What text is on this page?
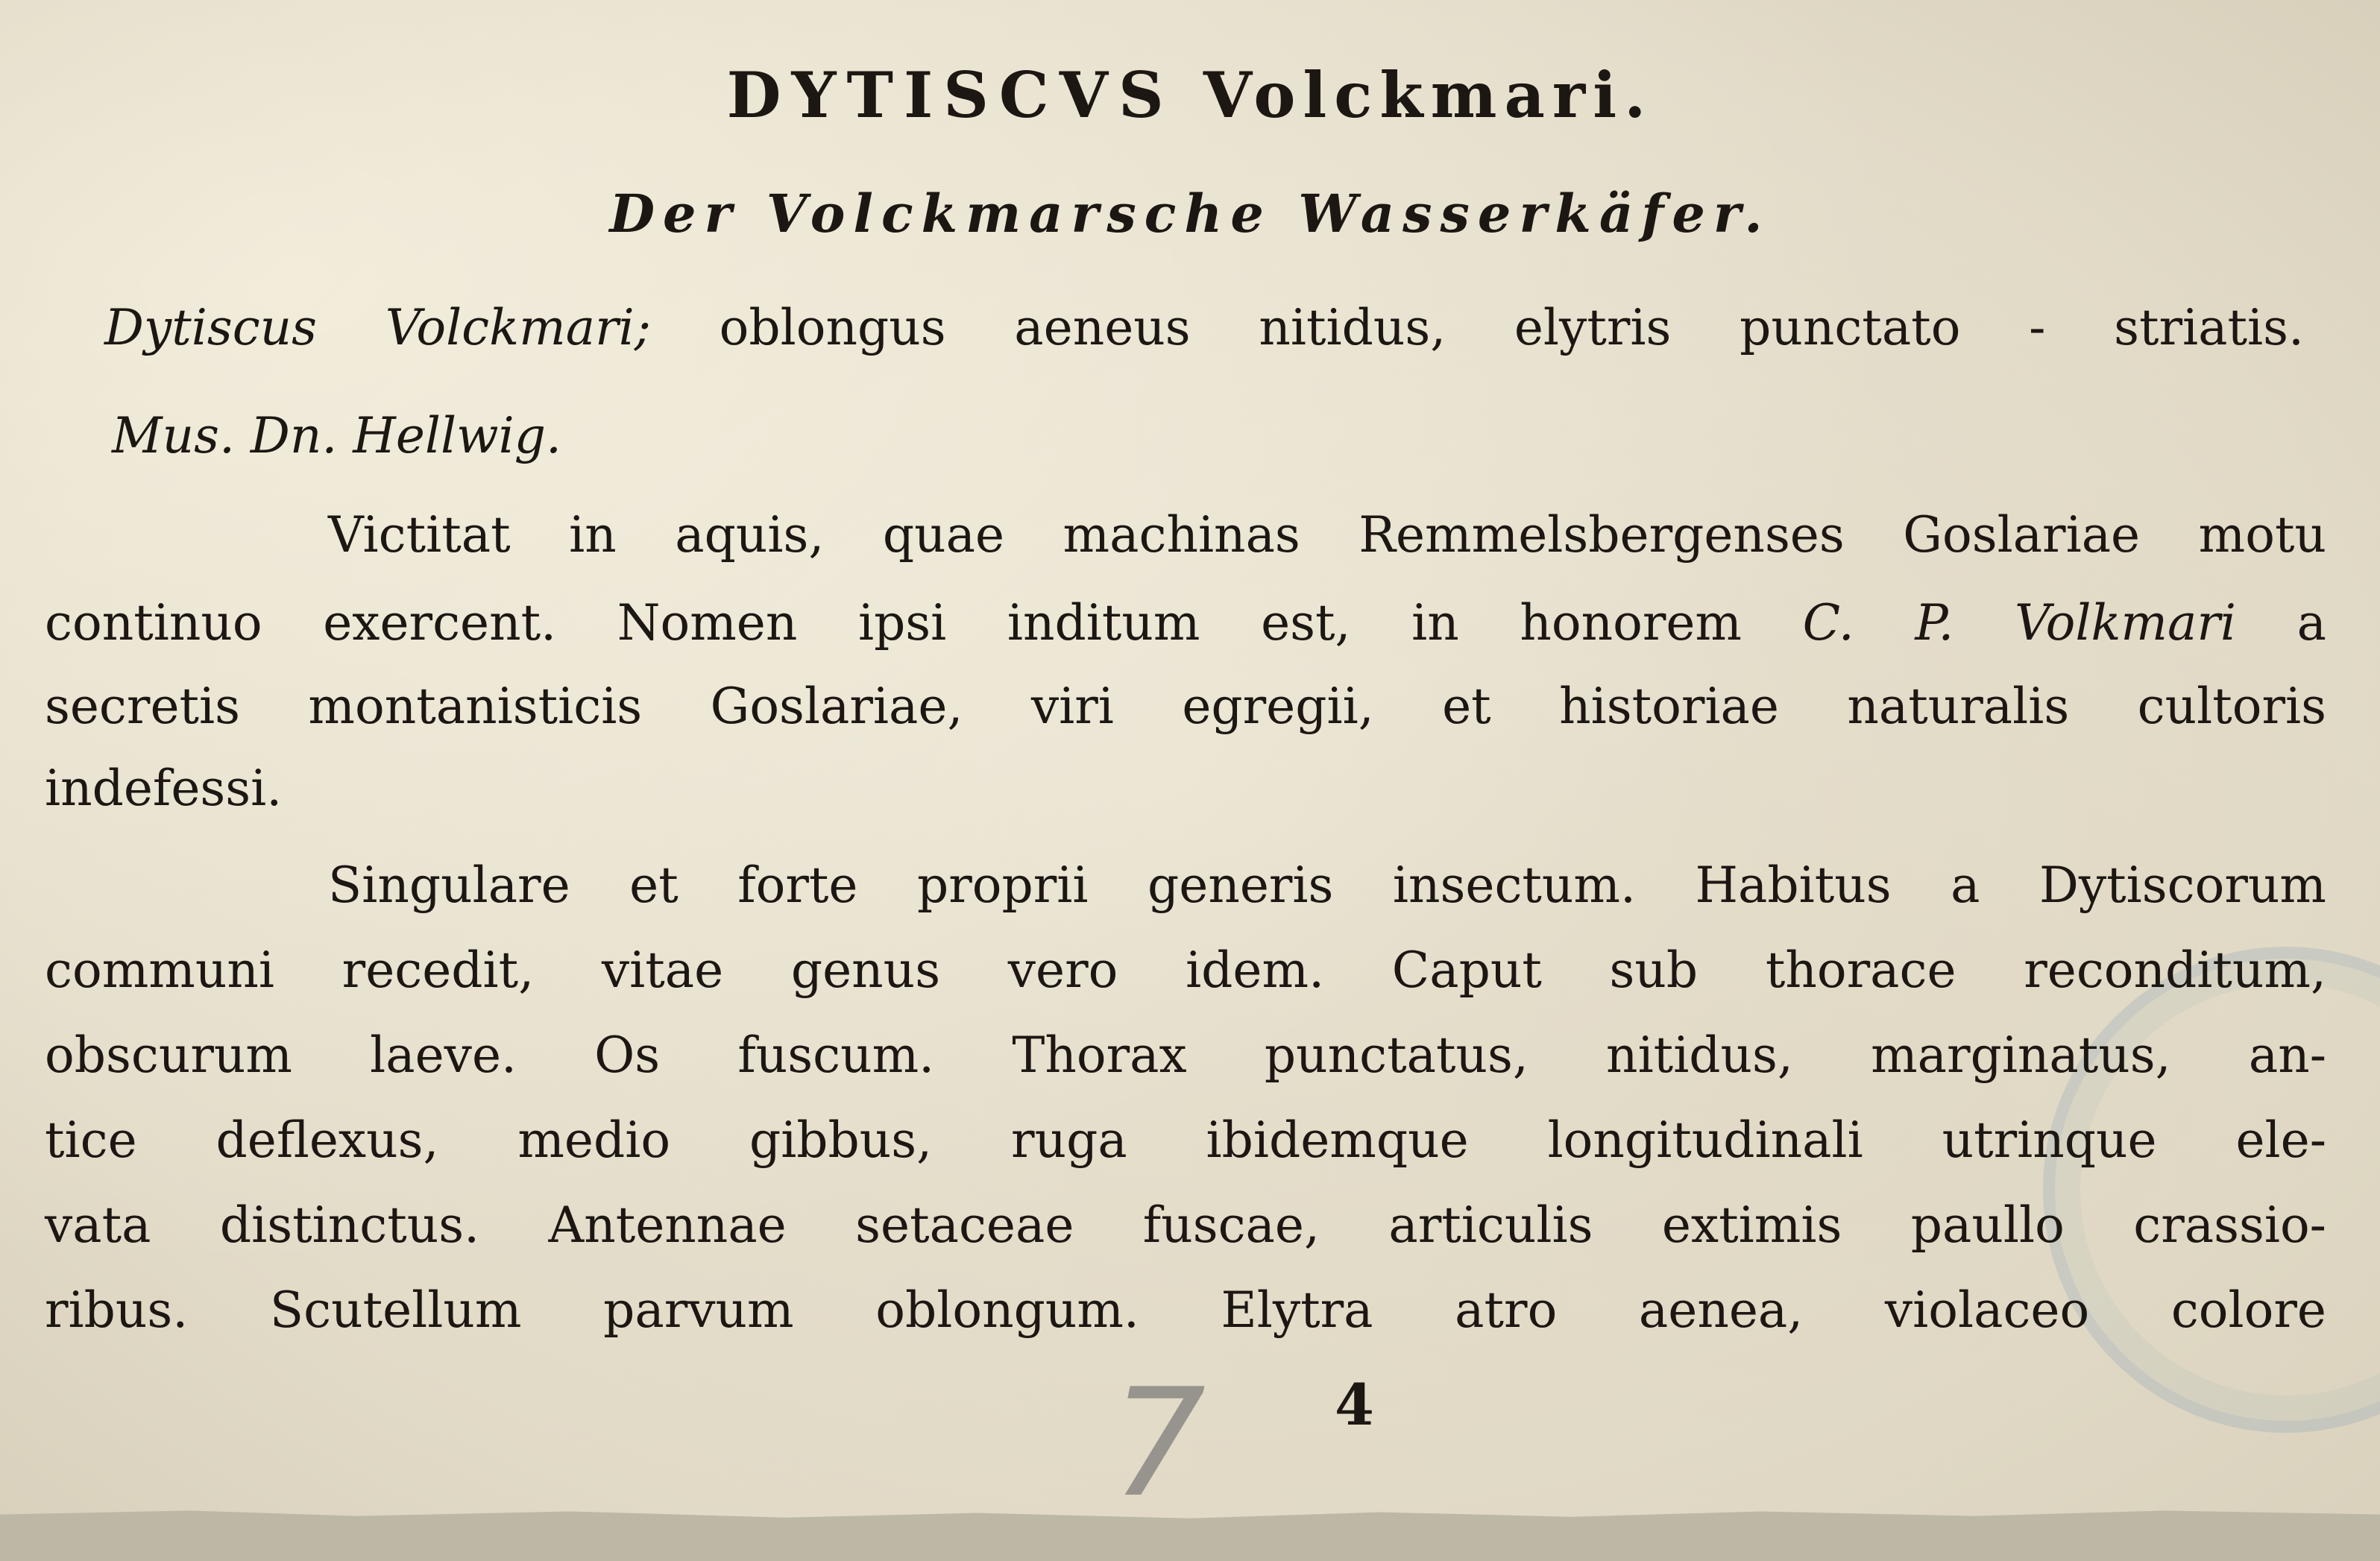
DYTISCVS Volckmari.
Der Volckmarsche Wasserkäfer.
Dytiscus Volckmari; oblongus aeneus nitidus, elytris punctato - striatis.
Mus. Dn. Hellwig.
Victitat in aquis, quae machinas Remmelsbergenses Goslariae motu
continuo exercent. Nomen ipsi inditum est, in honorem C. P. Volkmari a
secretis montanisticis Goslariae, viri egregii, et historiae naturalis cultoris
indefessi.
Singulare et forte proprii generis insectum. Habitus a Dytiscorum
communi recedit, vitae genus vero idem. Caput sub thorace reconditum,
obscurum laeve. Os fuscum. Thorax punctatus, nitidus, marginatus, an-
tice deflexus, medio gibbus, ruga ibidemque longitudinali utrinque ele-
vata distinctus. Antennae setaceae fuscae, articulis extimis paullo crassio-
ribus. Scutellum parvum oblongum. Elytra atro aenea, violaceo colore
7 4
